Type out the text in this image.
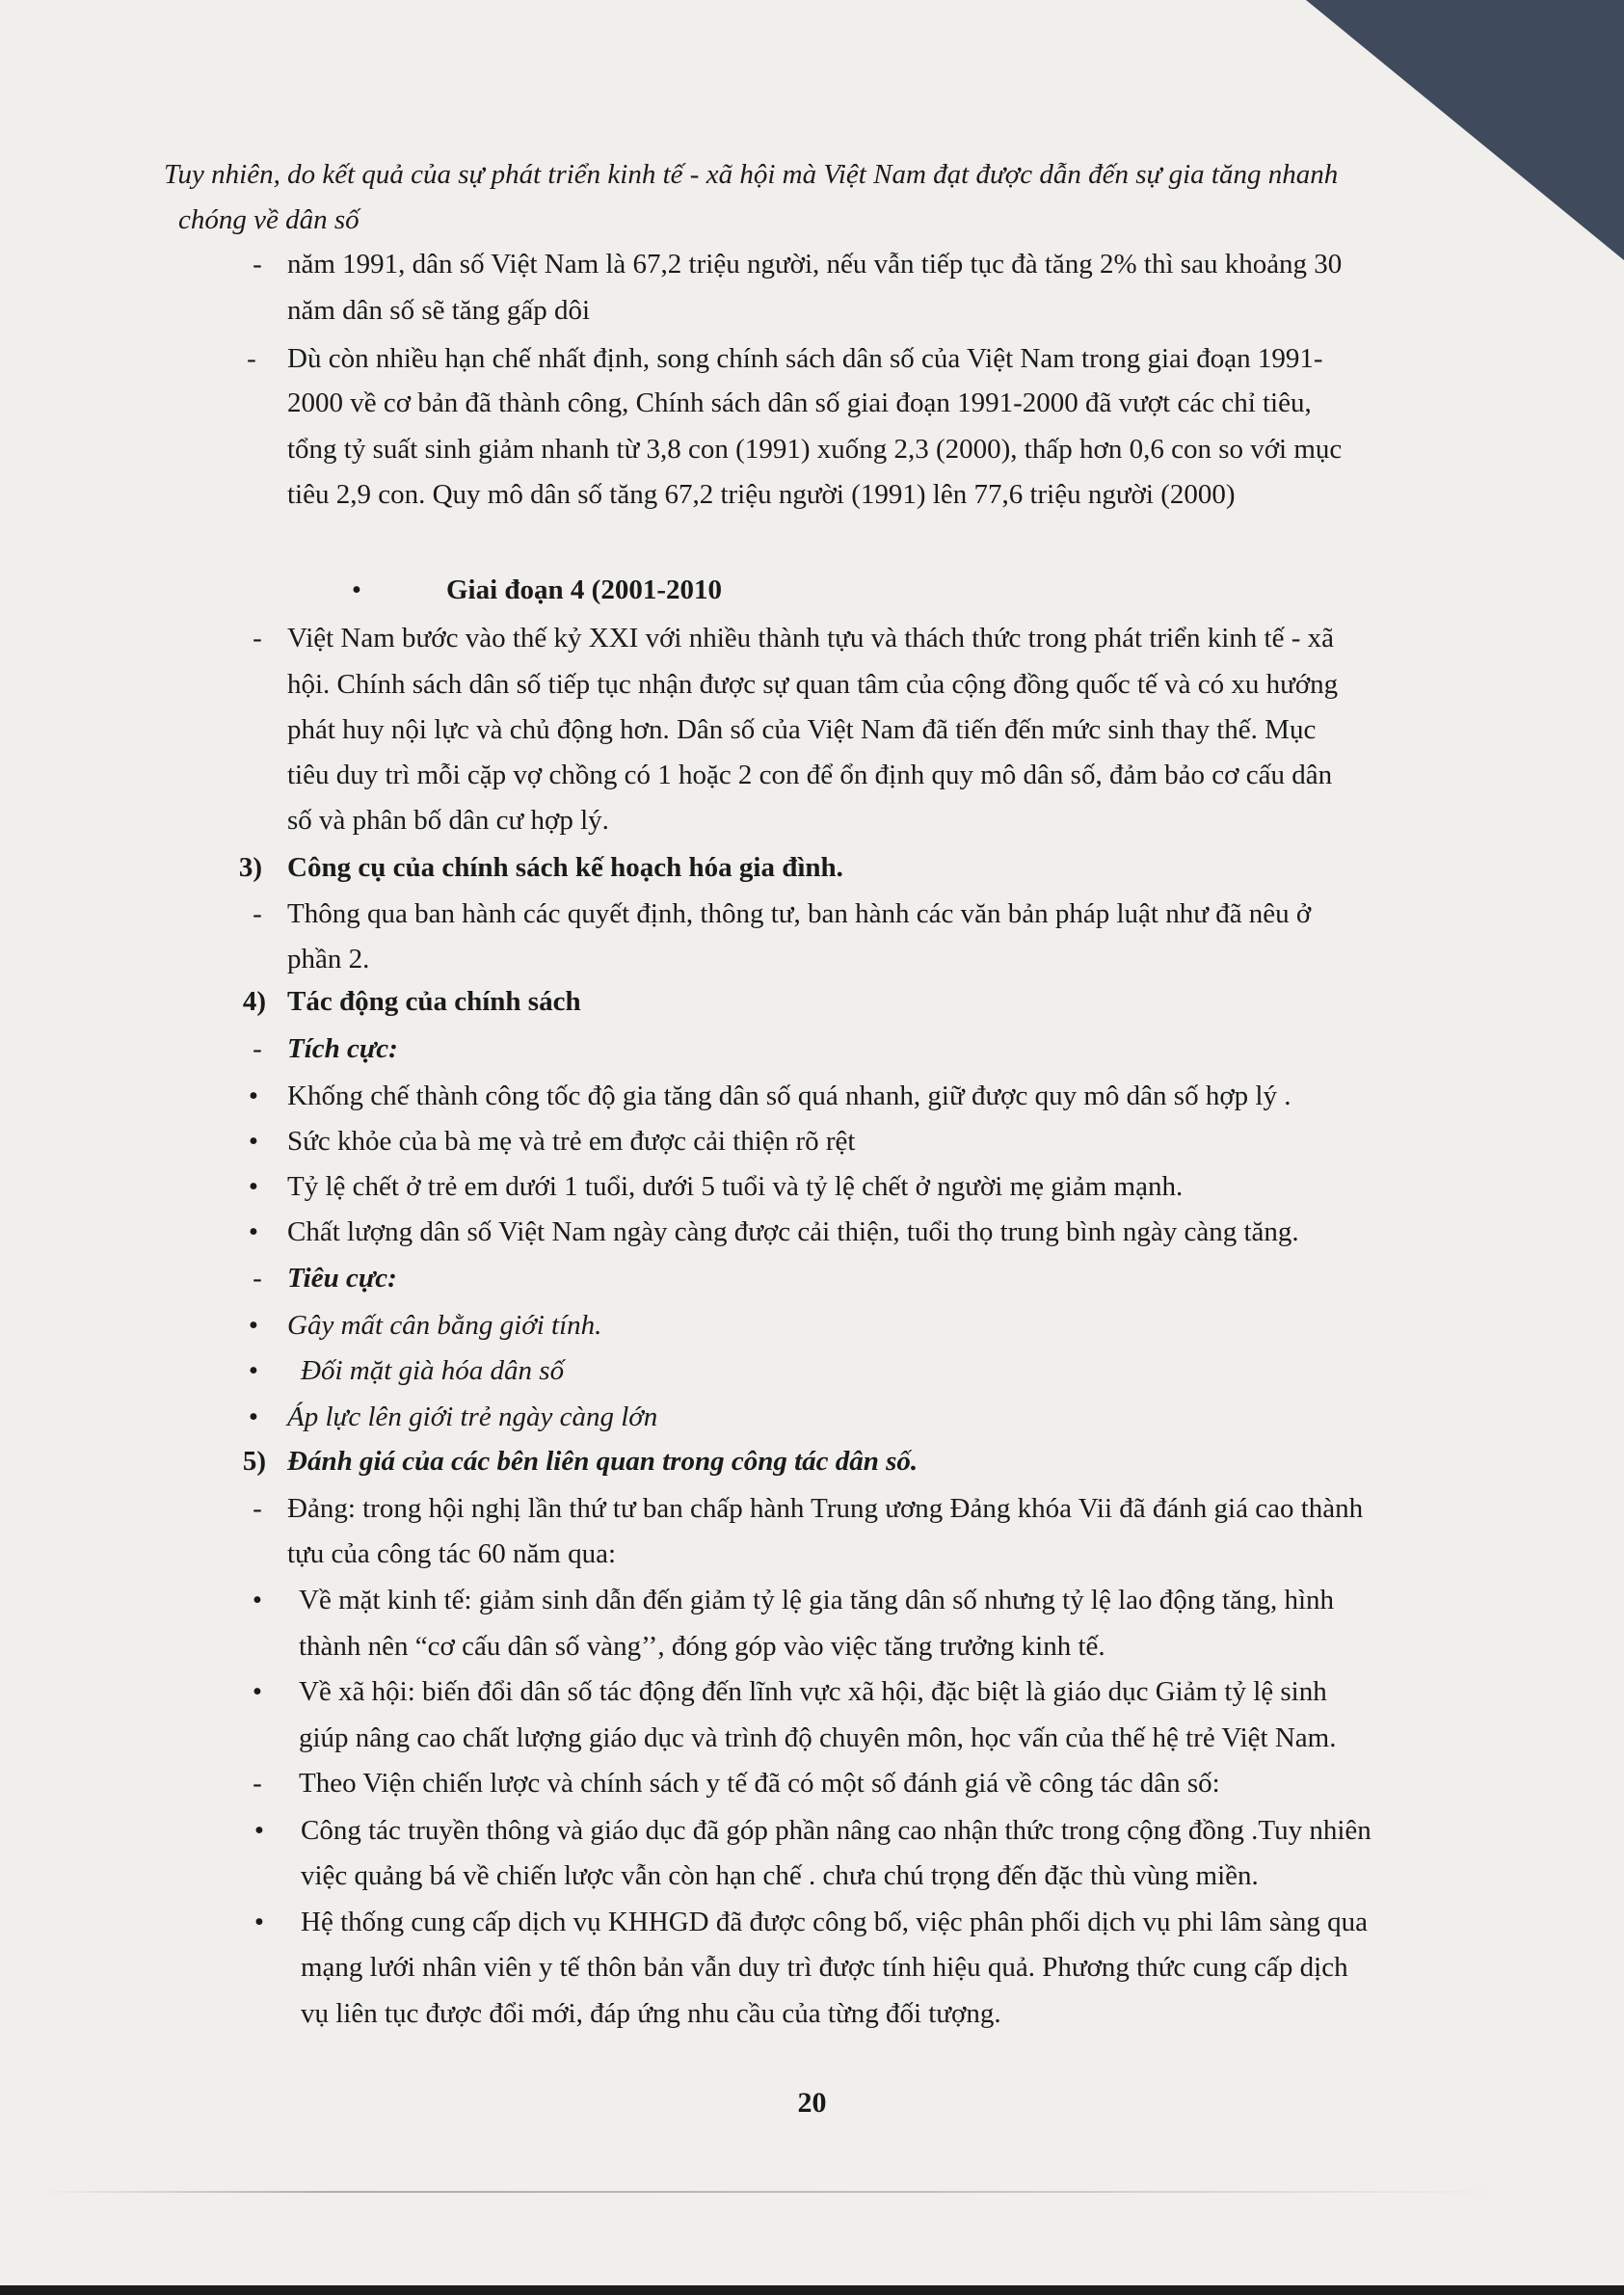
Tuy nhiên, do kết quả của sự phát triển kinh tế - xã hội mà Việt Nam đạt được dẫn đến sự gia tăng nhanh
chóng về dân số
- năm 1991, dân số Việt Nam là 67,2 triệu người, nếu vẫn tiếp tục đà tăng 2% thì sau khoảng 30
năm dân số sẽ tăng gấp dôi
-	Dù còn nhiều hạn chế nhất định, song chính sách dân số của Việt Nam trong giai đoạn 1991-
2000 về cơ bản đã thành công, Chính sách dân số giai đoạn 1991-2000 đã vượt các chỉ tiêu,
tổng tỷ suất sinh giảm nhanh từ 3,8 con (1991) xuống 2,3 (2000), thấp hơn 0,6 con so với mục
tiêu 2,9 con. Quy mô dân số tăng 67,2 triệu người (1991) lên 77,6 triệu người (2000)
•	Giai đoạn 4 (2001-2010
- Việt Nam bước vào thế kỷ XXI với nhiều thành tựu và thách thức trong phát triển kinh tế - xã
hội. Chính sách dân số tiếp tục nhận được sự quan tâm của cộng đồng quốc tế và có xu hướng
phát huy nội lực và chủ động hơn. Dân số của Việt Nam đã tiến đến mức sinh thay thế. Mục
tiêu duy trì mỗi cặp vợ chồng có 1 hoặc 2 con để ổn định quy mô dân số, đảm bảo cơ cấu dân
số và phân bố dân cư hợp lý.
3) Công cụ của chính sách kế hoạch hóa gia đình.
- Thông qua ban hành các quyết định, thông tư, ban hành các văn bản pháp luật như đã nêu ở
phần 2.
4) Tác động của chính sách
- Tích cực:
•	Khống chế thành công tốc độ gia tăng dân số quá nhanh, giữ được quy mô dân số hợp lý .
•	Sức khỏe của bà mẹ và trẻ em được cải thiện rõ rệt
•	Tỷ lệ chết ở trẻ em dưới 1 tuổi, dưới 5 tuổi và tỷ lệ chết ở người mẹ giảm mạnh.
•	Chất lượng dân số Việt Nam ngày càng được cải thiện, tuổi thọ trung bình ngày càng tăng.
- Tiêu cực:
•	Gây mất cân bằng giới tính.
•	Đối mặt già hóa dân số
•	Áp lực lên giới trẻ ngày càng lớn
5) Đánh giá của các bên liên quan trong công tác dân số.
- Đảng: trong hội nghị lần thứ tư ban chấp hành Trung ương Đảng khóa Vii đã đánh giá cao thành
tựu của công tác 60 năm qua:
•	Về mặt kinh tế: giảm sinh dẫn đến giảm tỷ lệ gia tăng dân số nhưng tỷ lệ lao động tăng, hình
thành nên “cơ cấu dân số vàng’’, đóng góp vào việc tăng trưởng kinh tế.
•	Về xã hội: biến đổi dân số tác động đến lĩnh vực xã hội, đặc biệt là giáo dục Giảm tỷ lệ sinh
giúp nâng cao chất lượng giáo dục và trình độ chuyên môn, học vấn của thế hệ trẻ Việt Nam.
-	Theo Viện chiến lược và chính sách y tế đã có một số đánh giá về công tác dân số:
•	Công tác truyền thông và giáo dục đã góp phần nâng cao nhận thức trong cộng đồng .Tuy nhiên
việc quảng bá về chiến lược vẫn còn hạn chế . chưa chú trọng đến đặc thù vùng miền.
•	Hệ thống cung cấp dịch vụ KHHGD đã được công bố, việc phân phối dịch vụ phi lâm sàng qua
mạng lưới nhân viên y tế thôn bản vẫn duy trì được tính hiệu quả. Phương thức cung cấp dịch
vụ liên tục được đổi mới, đáp ứng nhu cầu của từng đối tượng.
20
